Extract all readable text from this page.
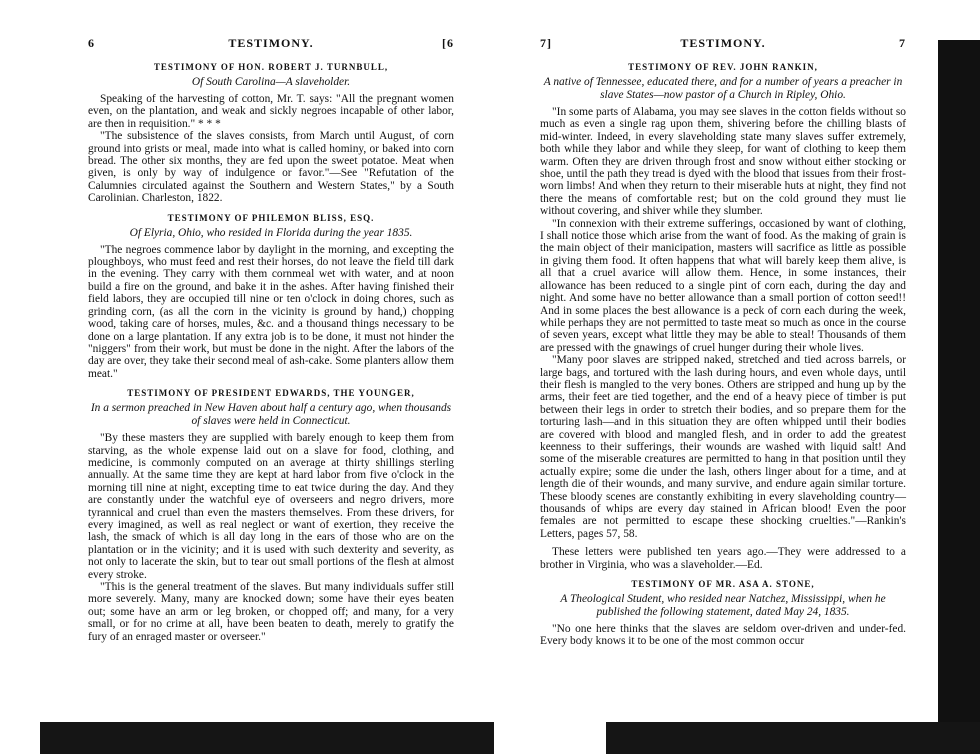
6	TESTIMONY.	[6
TESTIMONY OF HON. ROBERT J. TURNBULL,
Of South Carolina—A slaveholder.

Speaking of the harvesting of cotton, Mr. T. says: "All the pregnant women even, on the plantation, and weak and sickly negroes incapable of other labor, are then in requisition." * * *

"The subsistence of the slaves consists, from March until August, of corn ground into grists or meal, made into what is called hominy, or baked into corn bread. The other six months, they are fed upon the sweet potatoe. Meat when given, is only by way of indulgence or favor."—See "Refutation of the Calumnies circulated against the Southern and Western States," by a South Carolinian. Charleston, 1822.

TESTIMONY OF PHILEMON BLISS, ESQ.
Of Elyria, Ohio, who resided in Florida during the year 1835.

"The negroes commence labor by daylight in the morning, and excepting the ploughboys, who must feed and rest their horses, do not leave the field till dark in the evening. They carry with them cornmeal wet with water, and at noon build a fire on the ground, and bake it in the ashes. After having finished their field labors, they are occupied till nine or ten o'clock in doing chores, such as grinding corn, (as all the corn in the vicinity is ground by hand,) chopping wood, taking care of horses, mules, &c. and a thousand things necessary to be done on a large plantation. If any extra job is to be done, it must not hinder the "niggers" from their work, but must be done in the night. After the labors of the day are over, they take their second meal of ash-cake. Some planters allow them meat."

TESTIMONY OF PRESIDENT EDWARDS, THE YOUNGER,
In a sermon preached in New Haven about half a century ago, when thousands of slaves were held in Connecticut.

"By these masters they are supplied with barely enough to keep them from starving, as the whole expense laid out on a slave for food, clothing, and medicine, is commonly computed on an average at thirty shillings sterling annually. At the same time they are kept at hard labor from five o'clock in the morning till nine at night, excepting time to eat twice during the day. And they are constantly under the watchful eye of overseers and negro drivers, more tyrannical and cruel than even the masters themselves. From these drivers, for every imagined, as well as real neglect or want of exertion, they receive the lash, the smack of which is all day long in the ears of those who are on the plantation or in the vicinity; and it is used with such dexterity and severity, as not only to lacerate the skin, but to tear out small portions of the flesh at almost every stroke.

"This is the general treatment of the slaves. But many individuals suffer still more severely. Many, many are knocked down; some have their eyes beaten out; some have an arm or leg broken, or chopped off; and many, for a very small, or for no crime at all, have been beaten to death, merely to gratify the fury of an enraged master or overseer."

7]	TESTIMONY.	7
TESTIMONY OF REV. JOHN RANKIN,
A native of Tennessee, educated there, and for a number of years a preacher in slave States—now pastor of a Church in Ripley, Ohio.

"In some parts of Alabama, you may see slaves in the cotton fields without so much as even a single rag upon them, shivering before the chilling blasts of mid-winter. Indeed, in every slaveholding state many slaves suffer extremely, both while they labor and while they sleep, for want of clothing to keep them warm. Often they are driven through frost and snow without either stocking or shoe, until the path they tread is dyed with the blood that issues from their frost-worn limbs! And when they return to their miserable huts at night, they find not there the means of comfortable rest; but on the cold ground they must lie without covering, and shiver while they slumber.

"In connexion with their extreme sufferings, occasioned by want of clothing, I shall notice those which arise from the want of food. As the making of grain is the main object of their manicipation, masters will sacrifice as little as possible in giving them food. It often happens that what will barely keep them alive, is all that a cruel avarice will allow them. Hence, in some instances, their allowance has been reduced to a single pint of corn each, during the day and night. And some have no better allowance than a small portion of cotton seed!! And in some places the best allowance is a peck of corn each during the week, while perhaps they are not permitted to taste meat so much as once in the course of seven years, except what little they may be able to steal! Thousands of them are pressed with the gnawings of cruel hunger during their whole lives.

"Many poor slaves are stripped naked, stretched and tied across barrels, or large bags, and tortured with the lash during hours, and even whole days, until their flesh is mangled to the very bones. Others are stripped and hung up by the arms, their feet are tied together, and the end of a heavy piece of timber is put between their legs in order to stretch their bodies, and so prepare them for the torturing lash—and in this situation they are often whipped until their bodies are covered with blood and mangled flesh, and in order to add the greatest keenness to their sufferings, their wounds are washed with liquid salt! And some of the miserable creatures are permitted to hang in that position until they actually expire; some die under the lash, others linger about for a time, and at length die of their wounds, and many survive, and endure again similar torture. These bloody scenes are constantly exhibiting in every slaveholding country—thousands of whips are every day stained in African blood! Even the poor females are not permitted to escape these shocking cruelties."—Rankin's Letters, pages 57, 58.

These letters were published ten years ago.—They were addressed to a brother in Virginia, who was a slaveholder.—Ed.

TESTIMONY OF MR. ASA A. STONE,
A Theological Student, who resided near Natchez, Mississippi, when he published the following statement, dated May 24, 1835.

"No one here thinks that the slaves are seldom over-driven and under-fed. Every body knows it to be one of the most common occur
